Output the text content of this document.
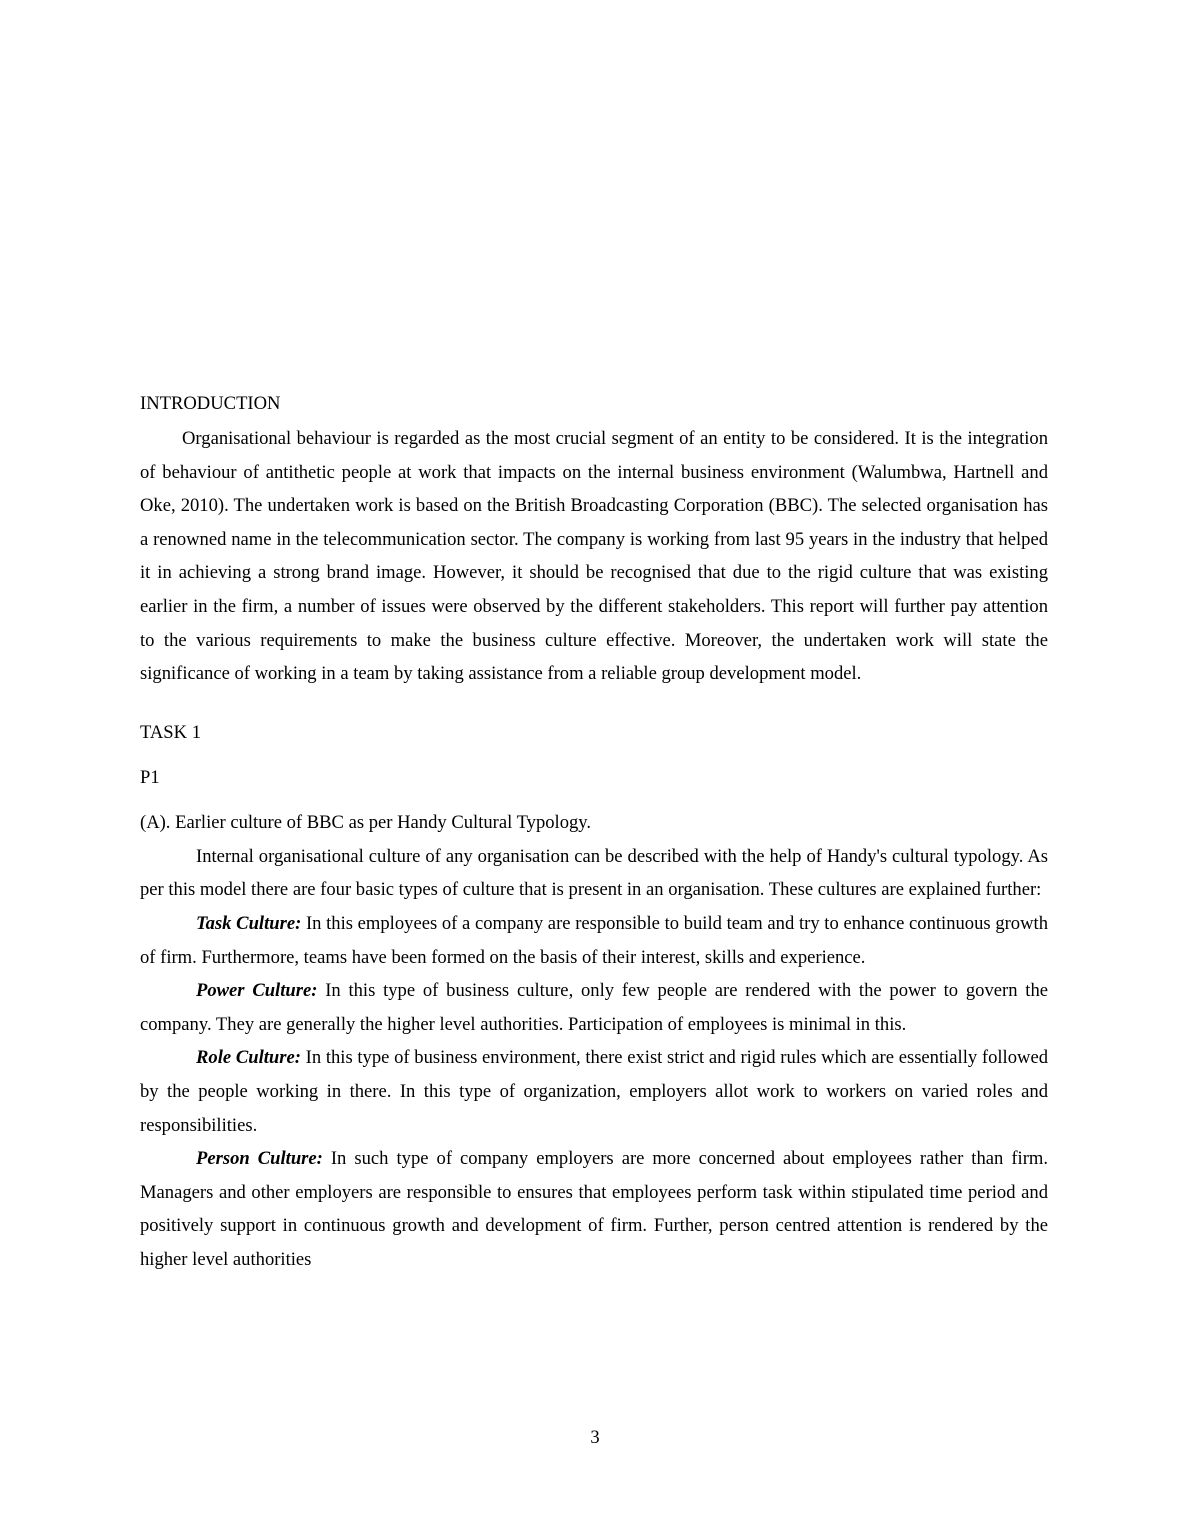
INTRODUCTION

Organisational behaviour is regarded as the most crucial segment of an entity to be considered. It is the integration of behaviour of antithetic people at work that impacts on the internal business environment (Walumbwa, Hartnell and Oke, 2010). The undertaken work is based on the British Broadcasting Corporation (BBC). The selected organisation has a renowned name in the telecommunication sector. The company is working from last 95 years in the industry that helped it in achieving a strong brand image. However, it should be recognised that due to the rigid culture that was existing earlier in the firm, a number of issues were observed by the different stakeholders. This report will further pay attention to the various requirements to make the business culture effective. Moreover, the undertaken work will state the significance of working in a team by taking assistance from a reliable group development model.

TASK 1
P1
(A). Earlier culture of BBC as per Handy Cultural Typology.

Internal organisational culture of any organisation can be described with the help of Handy's cultural typology. As per this model there are four basic types of culture that is present in an organisation. These cultures are explained further:

Task Culture: In this employees of a company are responsible to build team and try to enhance continuous growth of firm. Furthermore, teams have been formed on the basis of their interest, skills and experience.

Power Culture: In this type of business culture, only few people are rendered with the power to govern the company. They are generally the higher level authorities. Participation of employees is minimal in this.

Role Culture: In this type of business environment, there exist strict and rigid rules which are essentially followed by the people working in there. In this type of organization, employers allot work to workers on varied roles and responsibilities.

Person Culture: In such type of company employers are more concerned about employees rather than firm. Managers and other employers are responsible to ensures that employees perform task within stipulated time period and positively support in continuous growth and development of firm. Further, person centred attention is rendered by the higher level authorities

3
